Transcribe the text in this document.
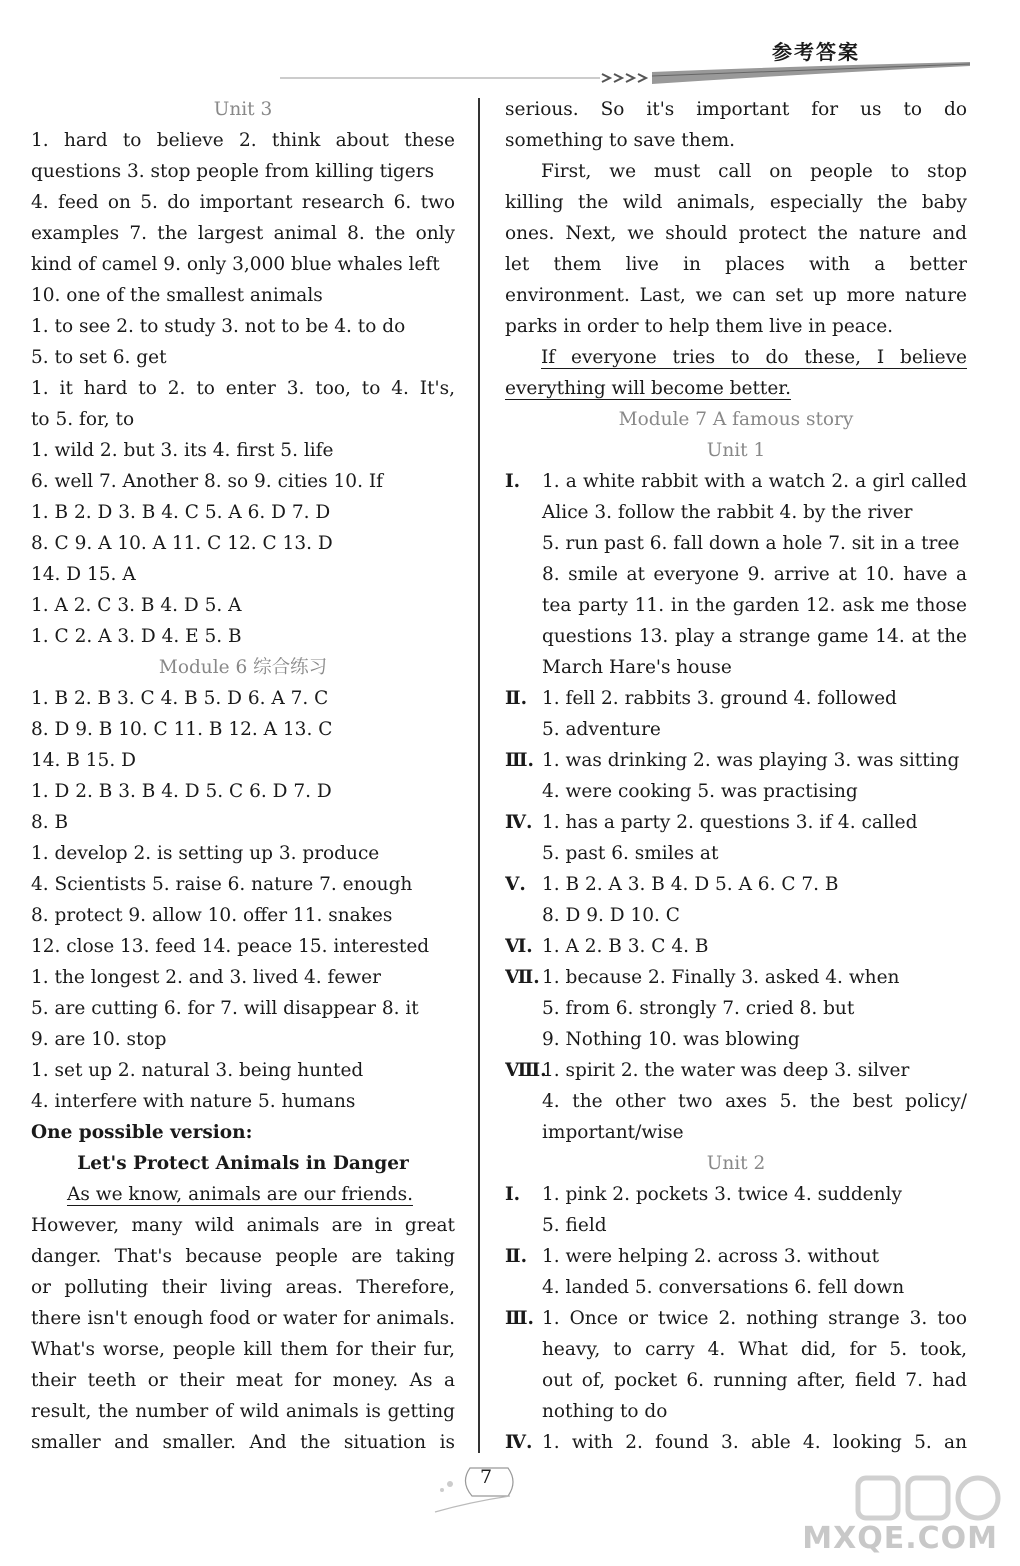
参考答案
Unit 3
1. hard to believe 2. think about these
questions 3. stop people from killing tigers
4. feed on 5. do important research 6. two
examples 7. the largest animal 8. the only
kind of camel 9. only 3,000 blue whales left
10. one of the smallest animals
1. to see 2. to study 3. not to be 4. to do
5. to set 6. get
1. it hard to 2. to enter 3. too, to 4. It's,
to 5. for, to
1. wild 2. but 3. its 4. first 5. life
6. well 7. Another 8. so 9. cities 10. If
1. B 2. D 3. B 4. C 5. A 6. D 7. D
8. C 9. A 10. A 11. C 12. C 13. D
14. D 15. A
1. A 2. C 3. B 4. D 5. A
1. C 2. A 3. D 4. E 5. B
Module 6 综合练习
1. B 2. B 3. C 4. B 5. D 6. A 7. C
8. D 9. B 10. C 11. B 12. A 13. C
14. B 15. D
1. D 2. B 3. B 4. D 5. C 6. D 7. D
8. B
1. develop 2. is setting up 3. produce
4. Scientists 5. raise 6. nature 7. enough
8. protect 9. allow 10. offer 11. snakes
12. close 13. feed 14. peace 15. interested
1. the longest 2. and 3. lived 4. fewer
5. are cutting 6. for 7. will disappear 8. it
9. are 10. stop
1. set up 2. natural 3. being hunted
4. interfere with nature 5. humans
One possible version:
Let's Protect Animals in Danger
As we know, animals are our friends.
However, many wild animals are in great
danger. That's because people are taking
or polluting their living areas. Therefore,
there isn't enough food or water for animals.
What's worse, people kill them for their fur,
their teeth or their meat for money. As a
result, the number of wild animals is getting
smaller and smaller. And the situation is
serious. So it's important for us to do
something to save them.
First, we must call on people to stop
killing the wild animals, especially the baby
ones. Next, we should protect the nature and
let them live in places with a better
environment. Last, we can set up more nature
parks in order to help them live in peace.
If everyone tries to do these, I believe
everything will become better.
Module 7 A famous story
Unit 1
Ⅰ. 1. a white rabbit with a watch 2. a girl called
Alice 3. follow the rabbit 4. by the river
5. run past 6. fall down a hole 7. sit in a tree
8. smile at everyone 9. arrive at 10. have a
tea party 11. in the garden 12. ask me those
questions 13. play a strange game 14. at the
March Hare's house
Ⅱ. 1. fell 2. rabbits 3. ground 4. followed
5. adventure
Ⅲ. 1. was drinking 2. was playing 3. was sitting
4. were cooking 5. was practising
Ⅳ. 1. has a party 2. questions 3. if 4. called
5. past 6. smiles at
Ⅴ. 1. B 2. A 3. B 4. D 5. A 6. C 7. B
8. D 9. D 10. C
Ⅵ. 1. A 2. B 3. C 4. B
Ⅶ. 1. because 2. Finally 3. asked 4. when
5. from 6. strongly 7. cried 8. but
9. Nothing 10. was blowing
Ⅷ.
1. spirit 2. the water was deep 3. silver
4. the other two axes 5. the best policy/
important/wise
Unit 2
Ⅰ. 1. pink 2. pockets 3. twice 4. suddenly
5. field
Ⅱ. 1. were helping 2. across 3. without
4. landed 5. conversations 6. fell down
Ⅲ. 1. Once or twice 2. nothing strange 3. too
heavy, to carry 4. What did, for 5. took,
out of, pocket 6. running after, field 7. had
nothing to do
Ⅳ. 1. with 2. found 3. able 4. looking 5. an
7
MXQE.COM
